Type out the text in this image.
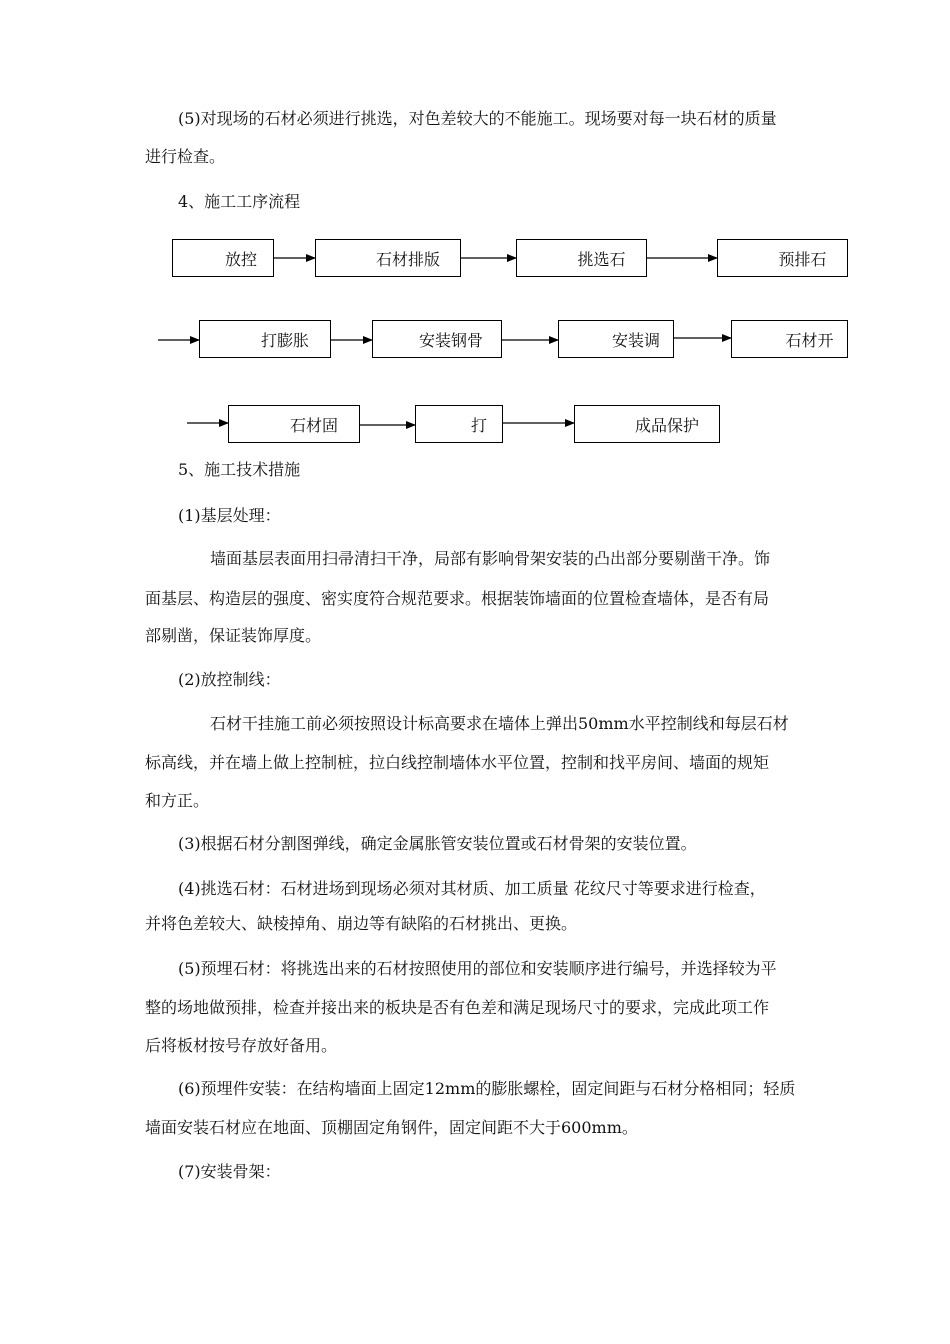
(5)对现场的石材必须进行挑选，对色差较大的不能施工。现场要对每一块石材的质量
进行检查。
4、施工工序流程
放控	石材排版	挑选石	预排石
打膨胀	安装钢骨	安装调	石材开
石材固	打	成品保护
5、施工技术措施
(1)基层处理：
墙面基层表面用扫帚清扫干净，局部有影响骨架安装的凸出部分要剔凿干净。饰
面基层、构造层的强度、密实度符合规范要求。根据装饰墙面的位置检查墙体，是否有局
部剔凿，保证装饰厚度。
(2)放控制线：
石材干挂施工前必须按照设计标高要求在墙体上弹出50mm水平控制线和每层石材
标高线，并在墙上做上控制桩，拉白线控制墙体水平位置，控制和找平房间、墙面的规矩
和方正。
(3)根据石材分割图弹线，确定金属胀管安装位置或石材骨架的安装位置。
(4)挑选石材：石材进场到现场必须对其材质、加工质量 花纹尺寸等要求进行检查，
并将色差较大、缺棱掉角、崩边等有缺陷的石材挑出、更换。
(5)预埋石材：将挑选出来的石材按照使用的部位和安装顺序进行编号，并选择较为平
整的场地做预排，检查并接出来的板块是否有色差和满足现场尺寸的要求，完成此项工作
后将板材按号存放好备用。
(6)预埋件安装：在结构墙面上固定12mm的膨胀螺栓，固定间距与石材分格相同；轻质
墙面安装石材应在地面、顶棚固定角钢件，固定间距不大于600mm。
(7)安装骨架：
